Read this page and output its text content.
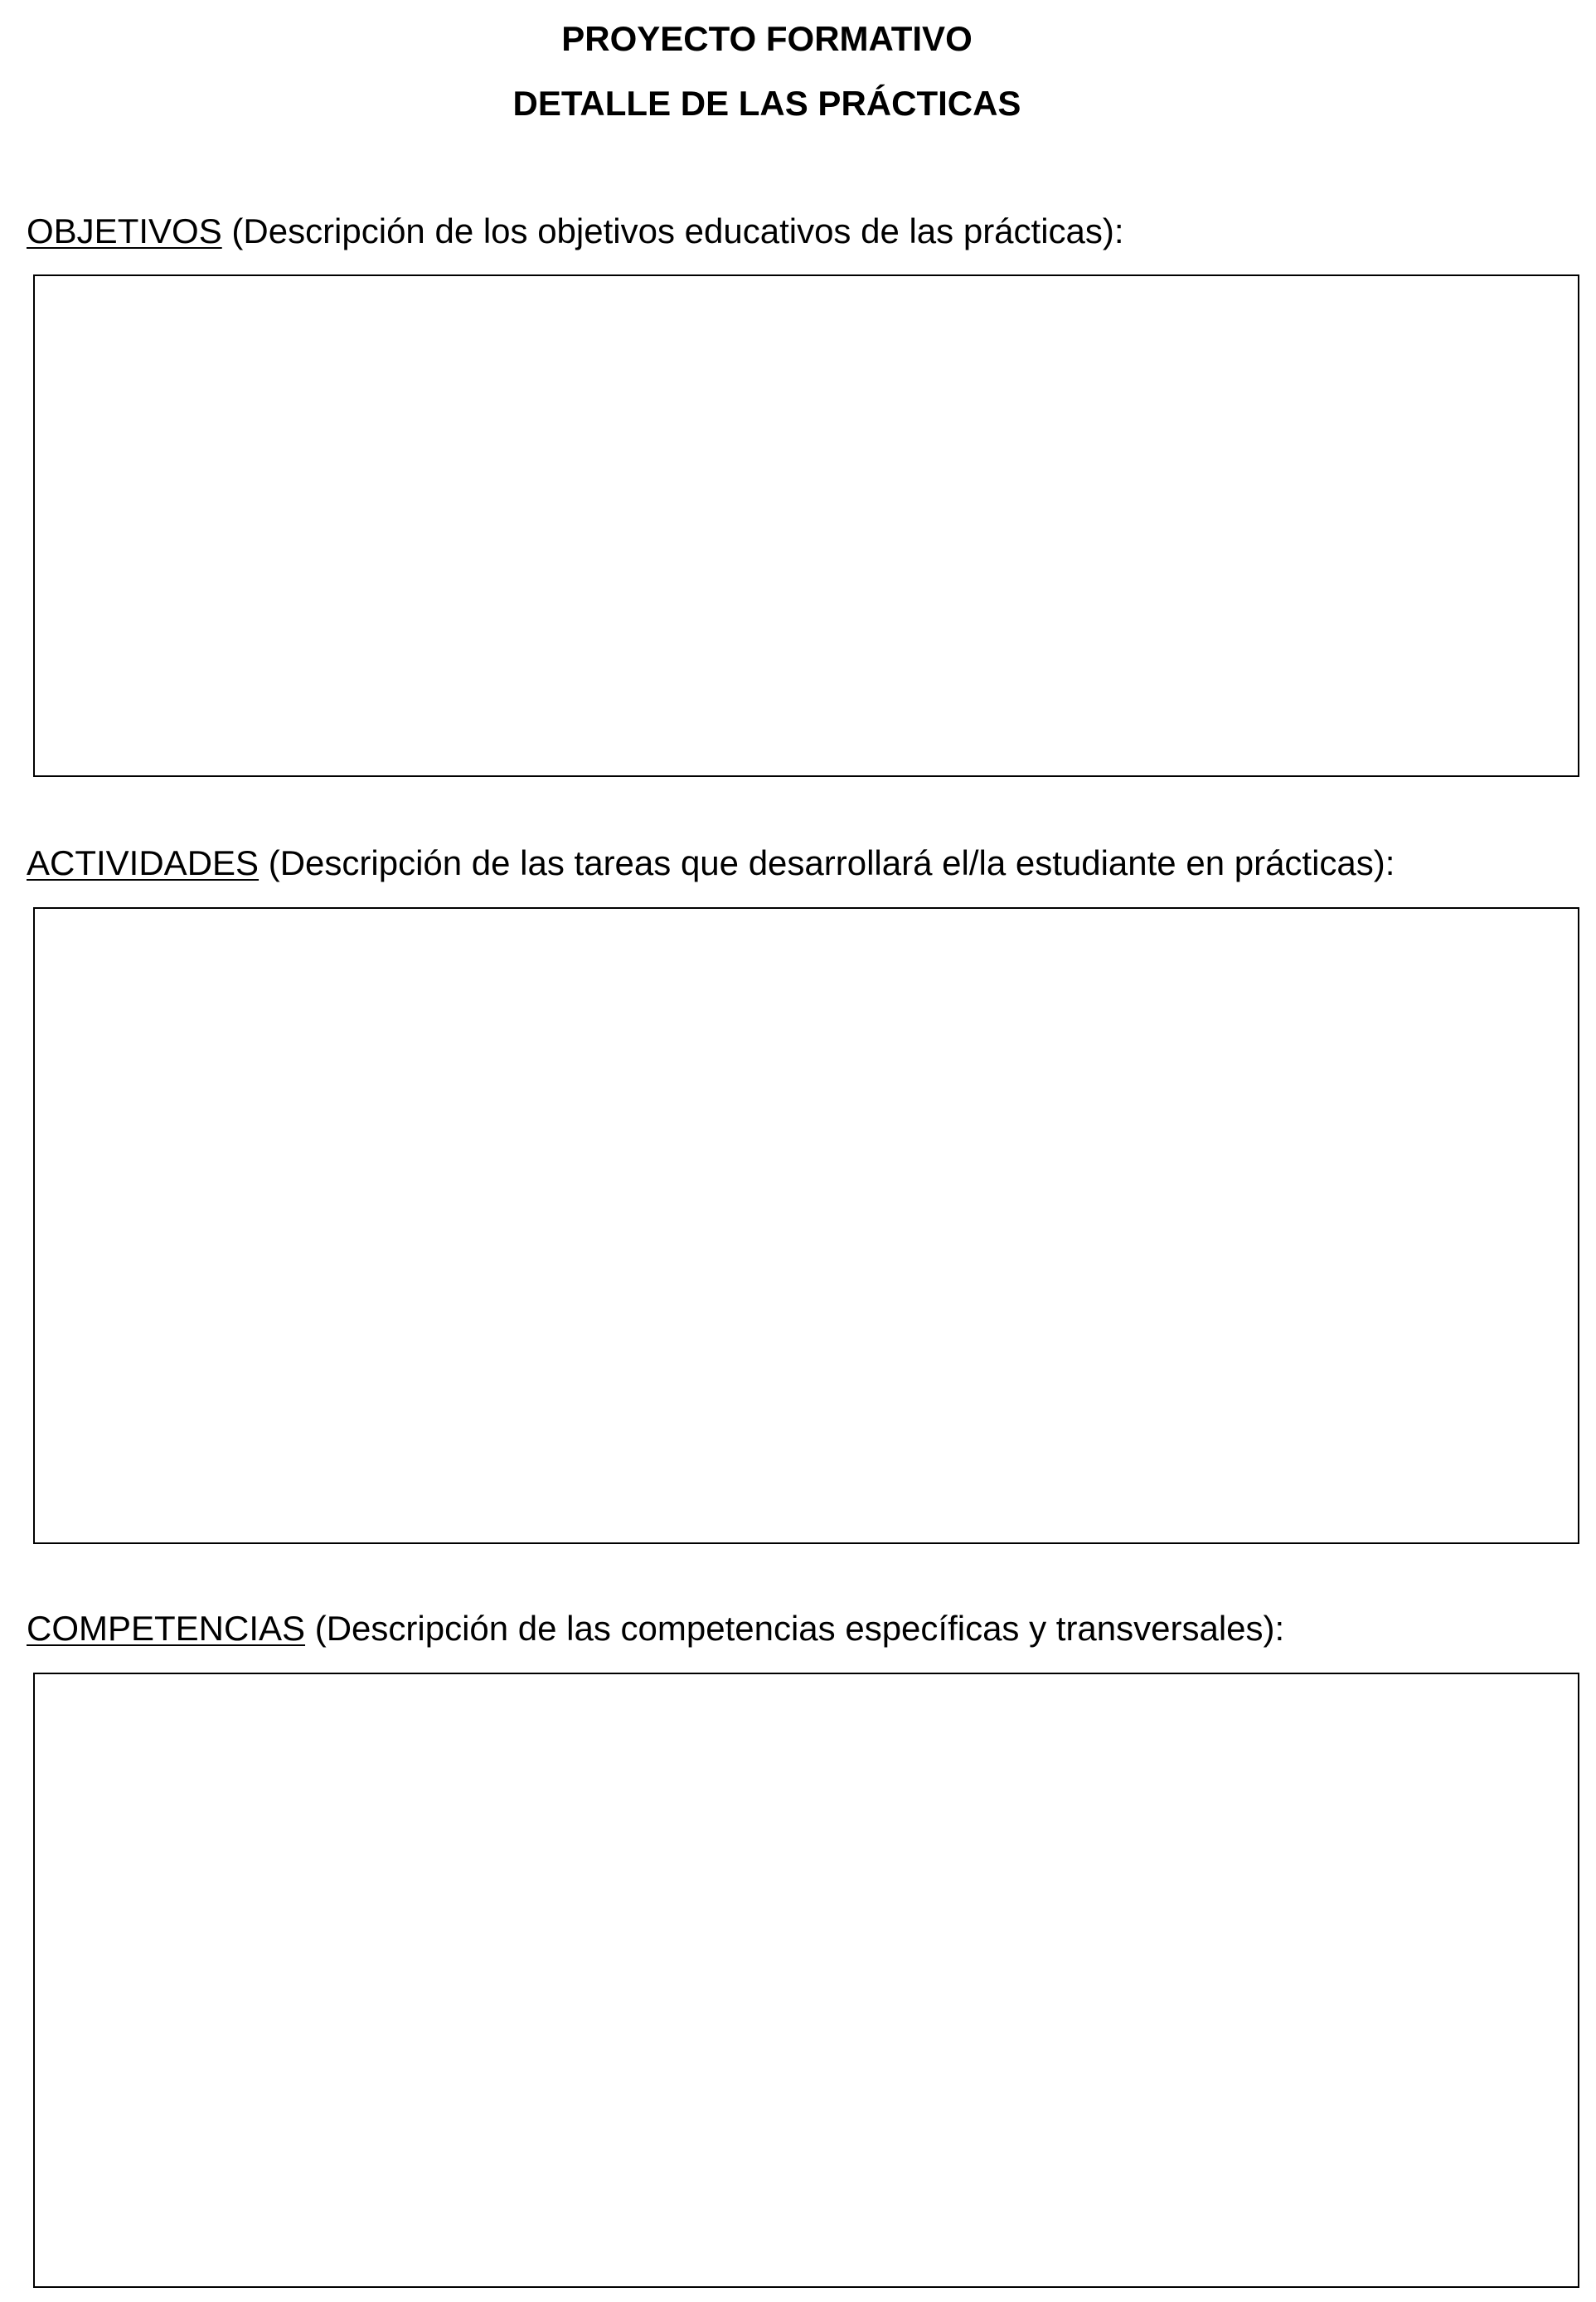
PROYECTO FORMATIVO
DETALLE DE LAS PRÁCTICAS

OBJETIVOS (Descripción de los objetivos educativos de las prácticas):

ACTIVIDADES (Descripción de las tareas que desarrollará el/la estudiante en prácticas):

COMPETENCIAS (Descripción de las competencias específicas y transversales):
